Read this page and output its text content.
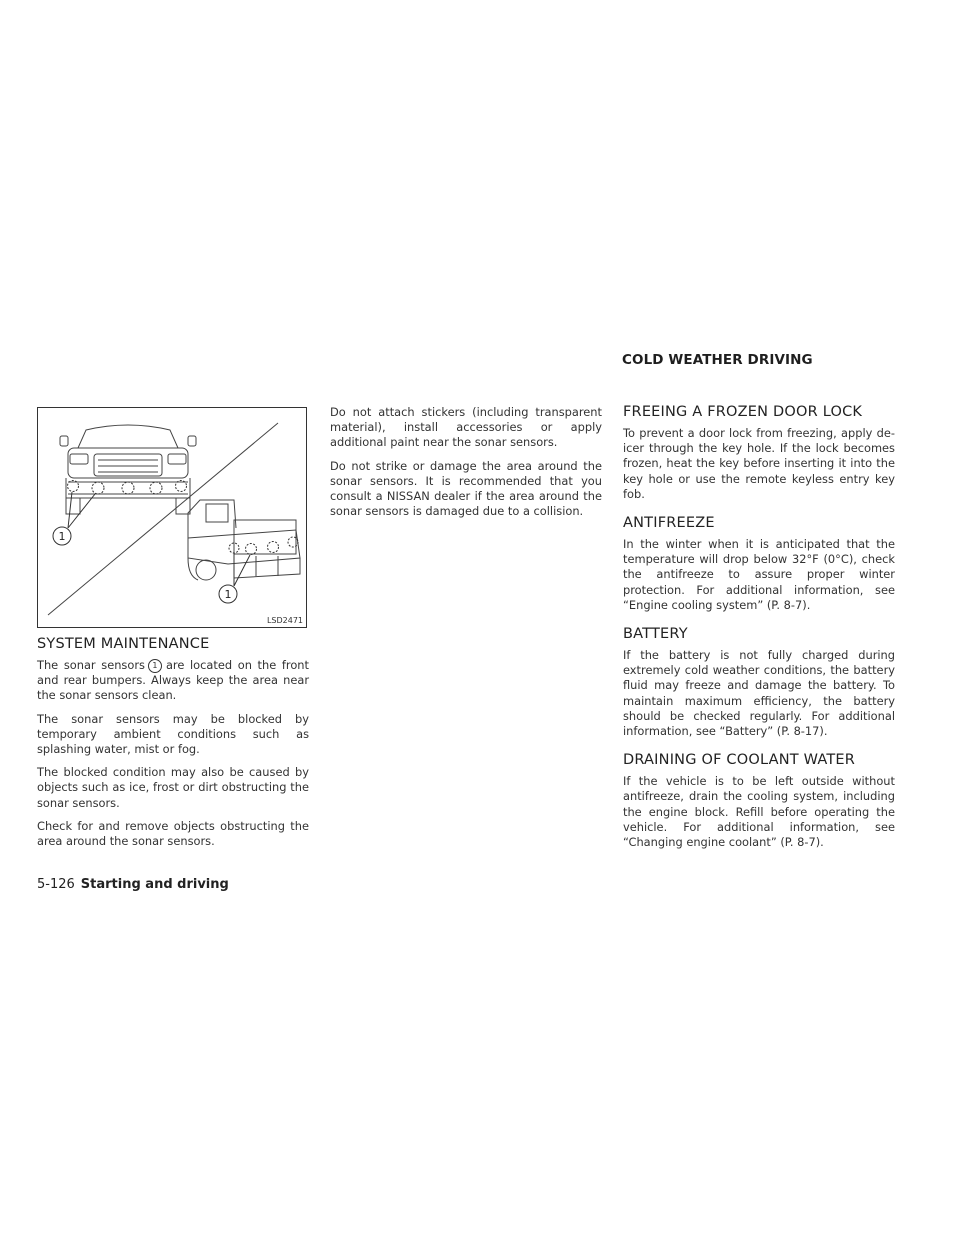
COLD WEATHER DRIVING
1
1
LSD2471
SYSTEM MAINTENANCE

The sonar sensors 1 are located on the front and rear bumpers. Always keep the area near the sonar sensors clean.

The sonar sensors may be blocked by temporary ambient conditions such as splashing water, mist or fog.

The blocked condition may also be caused by objects such as ice, frost or dirt obstructing the sonar sensors.

Check for and remove objects obstructing the area around the sonar sensors.

Do not attach stickers (including transparent material), install accessories or apply additional paint near the sonar sensors.

Do not strike or damage the area around the sonar sensors. It is recommended that you consult a NISSAN dealer if the area around the sonar sensors is damaged due to a collision.

FREEING A FROZEN DOOR LOCK

To prevent a door lock from freezing, apply de-icer through the key hole. If the lock becomes frozen, heat the key before inserting it into the key hole or use the remote keyless entry key fob.

ANTIFREEZE

In the winter when it is anticipated that the temperature will drop below 32°F (0°C), check the antifreeze to assure proper winter protection. For additional information, see “Engine cooling system” (P. 8-7).

BATTERY

If the battery is not fully charged during extremely cold weather conditions, the battery fluid may freeze and damage the battery. To maintain maximum efficiency, the battery should be checked regularly. For additional information, see “Battery” (P. 8-17).

DRAINING OF COOLANT WATER

If the vehicle is to be left outside without antifreeze, drain the cooling system, including the engine block. Refill before operating the vehicle. For additional information, see “Changing engine coolant” (P. 8-7).

5-126 Starting and driving
